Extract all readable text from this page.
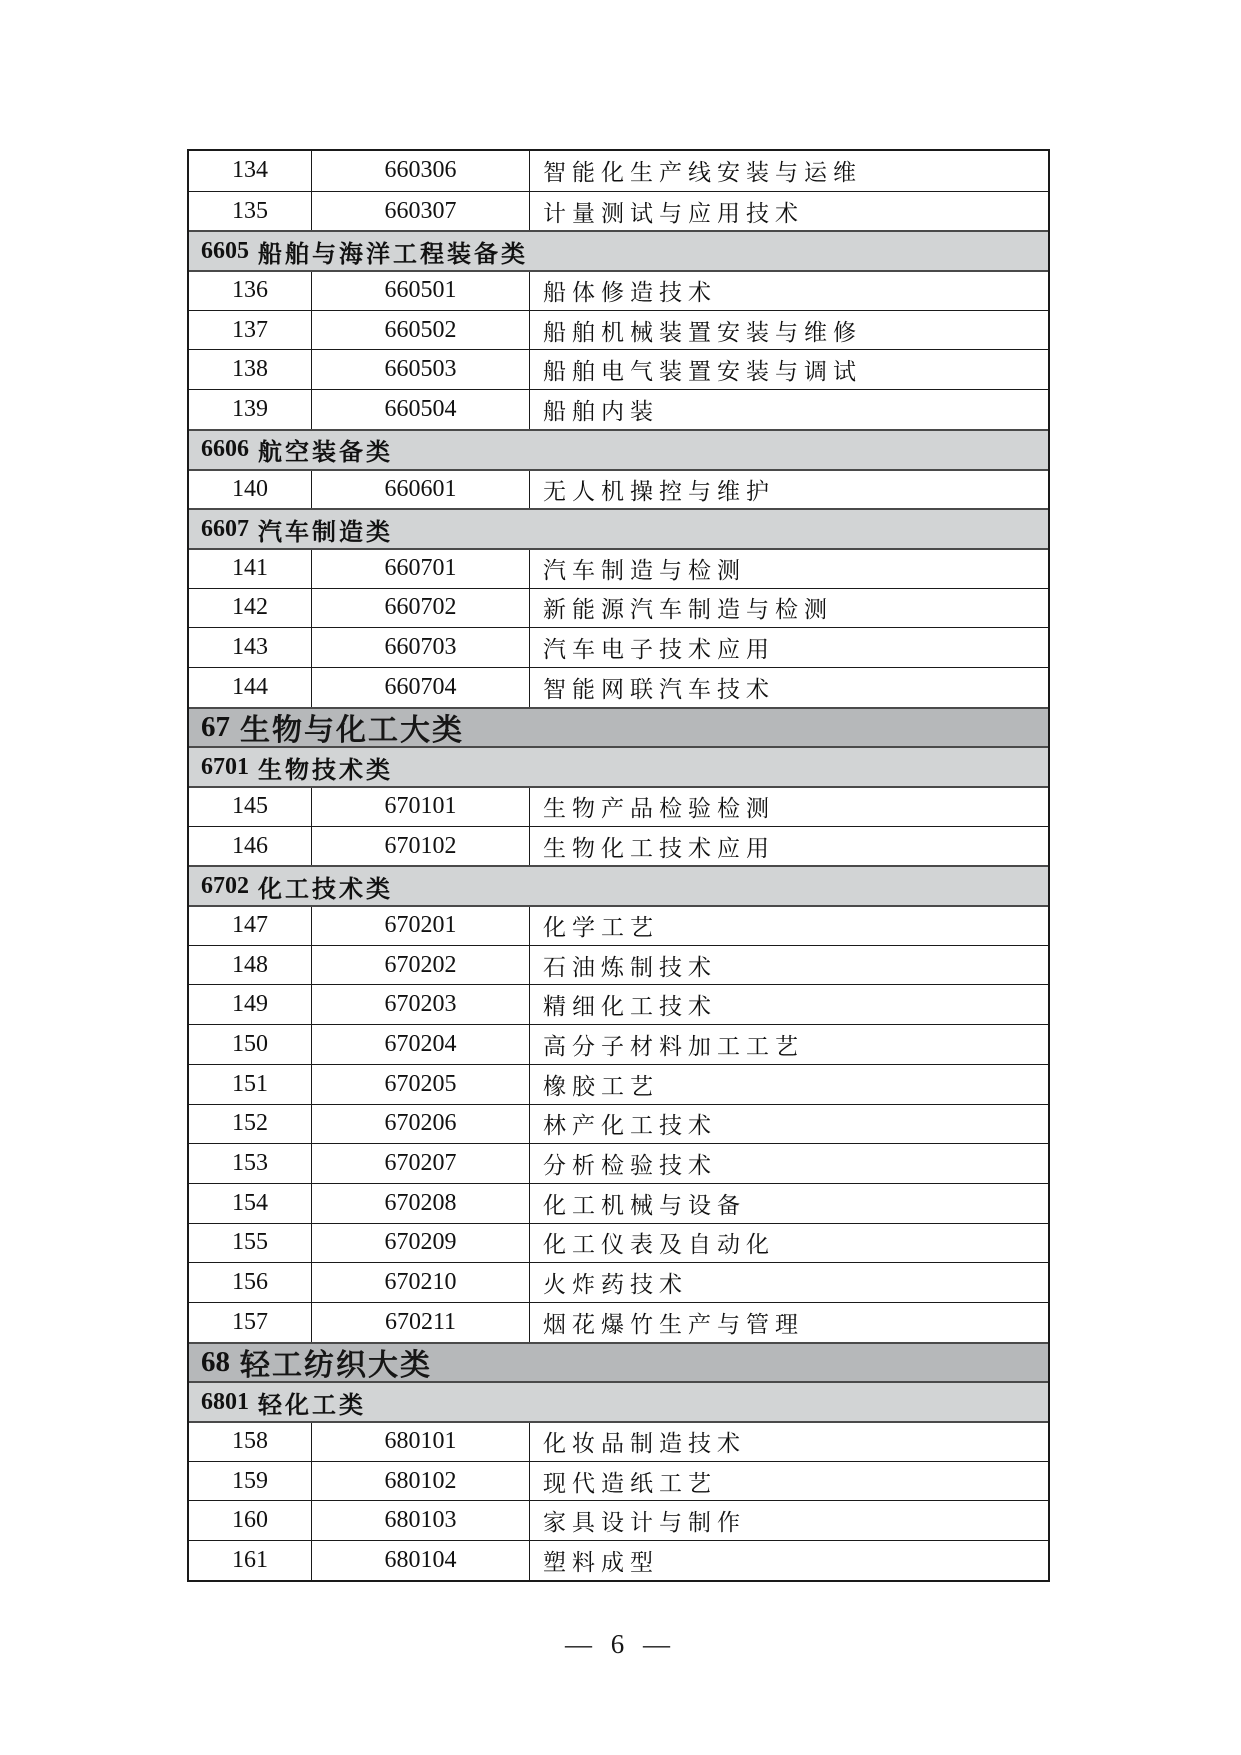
134	660306	智能化生产线安装与运维
135	660307	计量测试与应用技术
6605 船舶与海洋工程装备类
136	660501	船体修造技术
137	660502	船舶机械装置安装与维修
138	660503	船舶电气装置安装与调试
139	660504	船舶内装
6606 航空装备类
140	660601	无人机操控与维护
6607 汽车制造类
141	660701	汽车制造与检测
142	660702	新能源汽车制造与检测
143	660703	汽车电子技术应用
144	660704	智能网联汽车技术
67 生物与化工大类
6701 生物技术类
145	670101	生物产品检验检测
146	670102	生物化工技术应用
6702 化工技术类
147	670201	化学工艺
148	670202	石油炼制技术
149	670203	精细化工技术
150	670204	高分子材料加工工艺
151	670205	橡胶工艺
152	670206	林产化工技术
153	670207	分析检验技术
154	670208	化工机械与设备
155	670209	化工仪表及自动化
156	670210	火炸药技术
157	670211	烟花爆竹生产与管理
68 轻工纺织大类
6801 轻化工类
158	680101	化妆品制造技术
159	680102	现代造纸工艺
160	680103	家具设计与制作
161	680104	塑料成型
— 6 —
